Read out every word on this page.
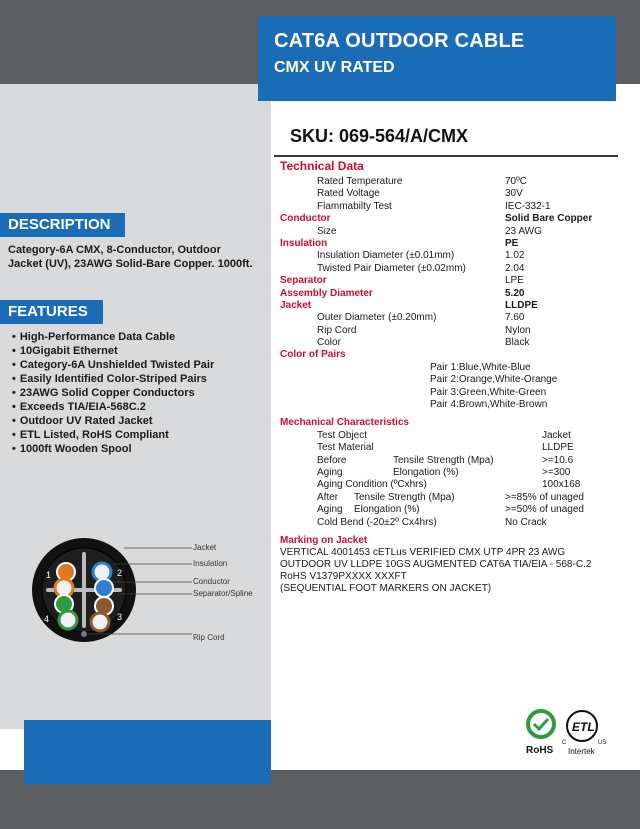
CAT6A OUTDOOR CABLE
CMX UV RATED
SKU: 069-564/A/CMX
DESCRIPTION
Category-6A CMX, 8-Conductor, Outdoor Jacket (UV), 23AWG Solid-Bare Copper. 1000ft.
FEATURES
• High-Performance Data Cable
• 10Gigabit Ethernet
• Category-6A Unshielded Twisted Pair
• Easily Identified Color-Striped Pairs
• 23AWG Solid Copper Conductors
• Exceeds TIA/EIA-568C.2
• Outdoor UV Rated Jacket
• ETL Listed, RoHS Compliant
• 1000ft Wooden Spool
1	2
3
4
Jacket
Insulation
Conductor
Separator/Spline
Rip Cord
Technical Data
Rated Temperature	70ºC
Rated Voltage	30V
Flammabilty Test	IEC-332-1
Conductor	Solid Bare Copper
Size	23 AWG
Insulation	PE
Insulation Diameter (±0.01mm)	1.02
Twisted Pair Diameter (±0.02mm)	2.04
Separator	LPE
Assembly Diameter	5.20
Jacket	LLDPE
Outer Diameter (±0.20mm)	7.60
Rip Cord	Nylon
Color	Black
Color of Pairs
Pair 1:Blue,White-Blue
Pair 2:Orange,White-Orange
Pair 3:Green,White-Green
Pair 4:Brown,White-Brown
Mechanical Characteristics
Test Object	Jacket
Test Material	LLDPE
Before	Tensile Strength (Mpa)	>=10.6
Aging	Elongation (%)	>=300
Aging Condition (ºCxhrs)	100x168
After Tensile Strength (Mpa)	>=85% of unaged
Aging Elongation (%)	>=50% of unaged
Cold Bend (-20±2º Cx4hrs)	No Crack
Marking on Jacket
VERTICAL 4001453 cETLus VERIFIED CMX UTP 4PR 23 AWG
OUTDOOR UV LLDPE 10GS AUGMENTED CAT6A TIA/EIA - 568-C.2
RoHS V1379PXXXX XXXFT
(SEQUENTIAL FOOT MARKERS ON JACKET)
RoHS
ETL
C	US
Intertek
